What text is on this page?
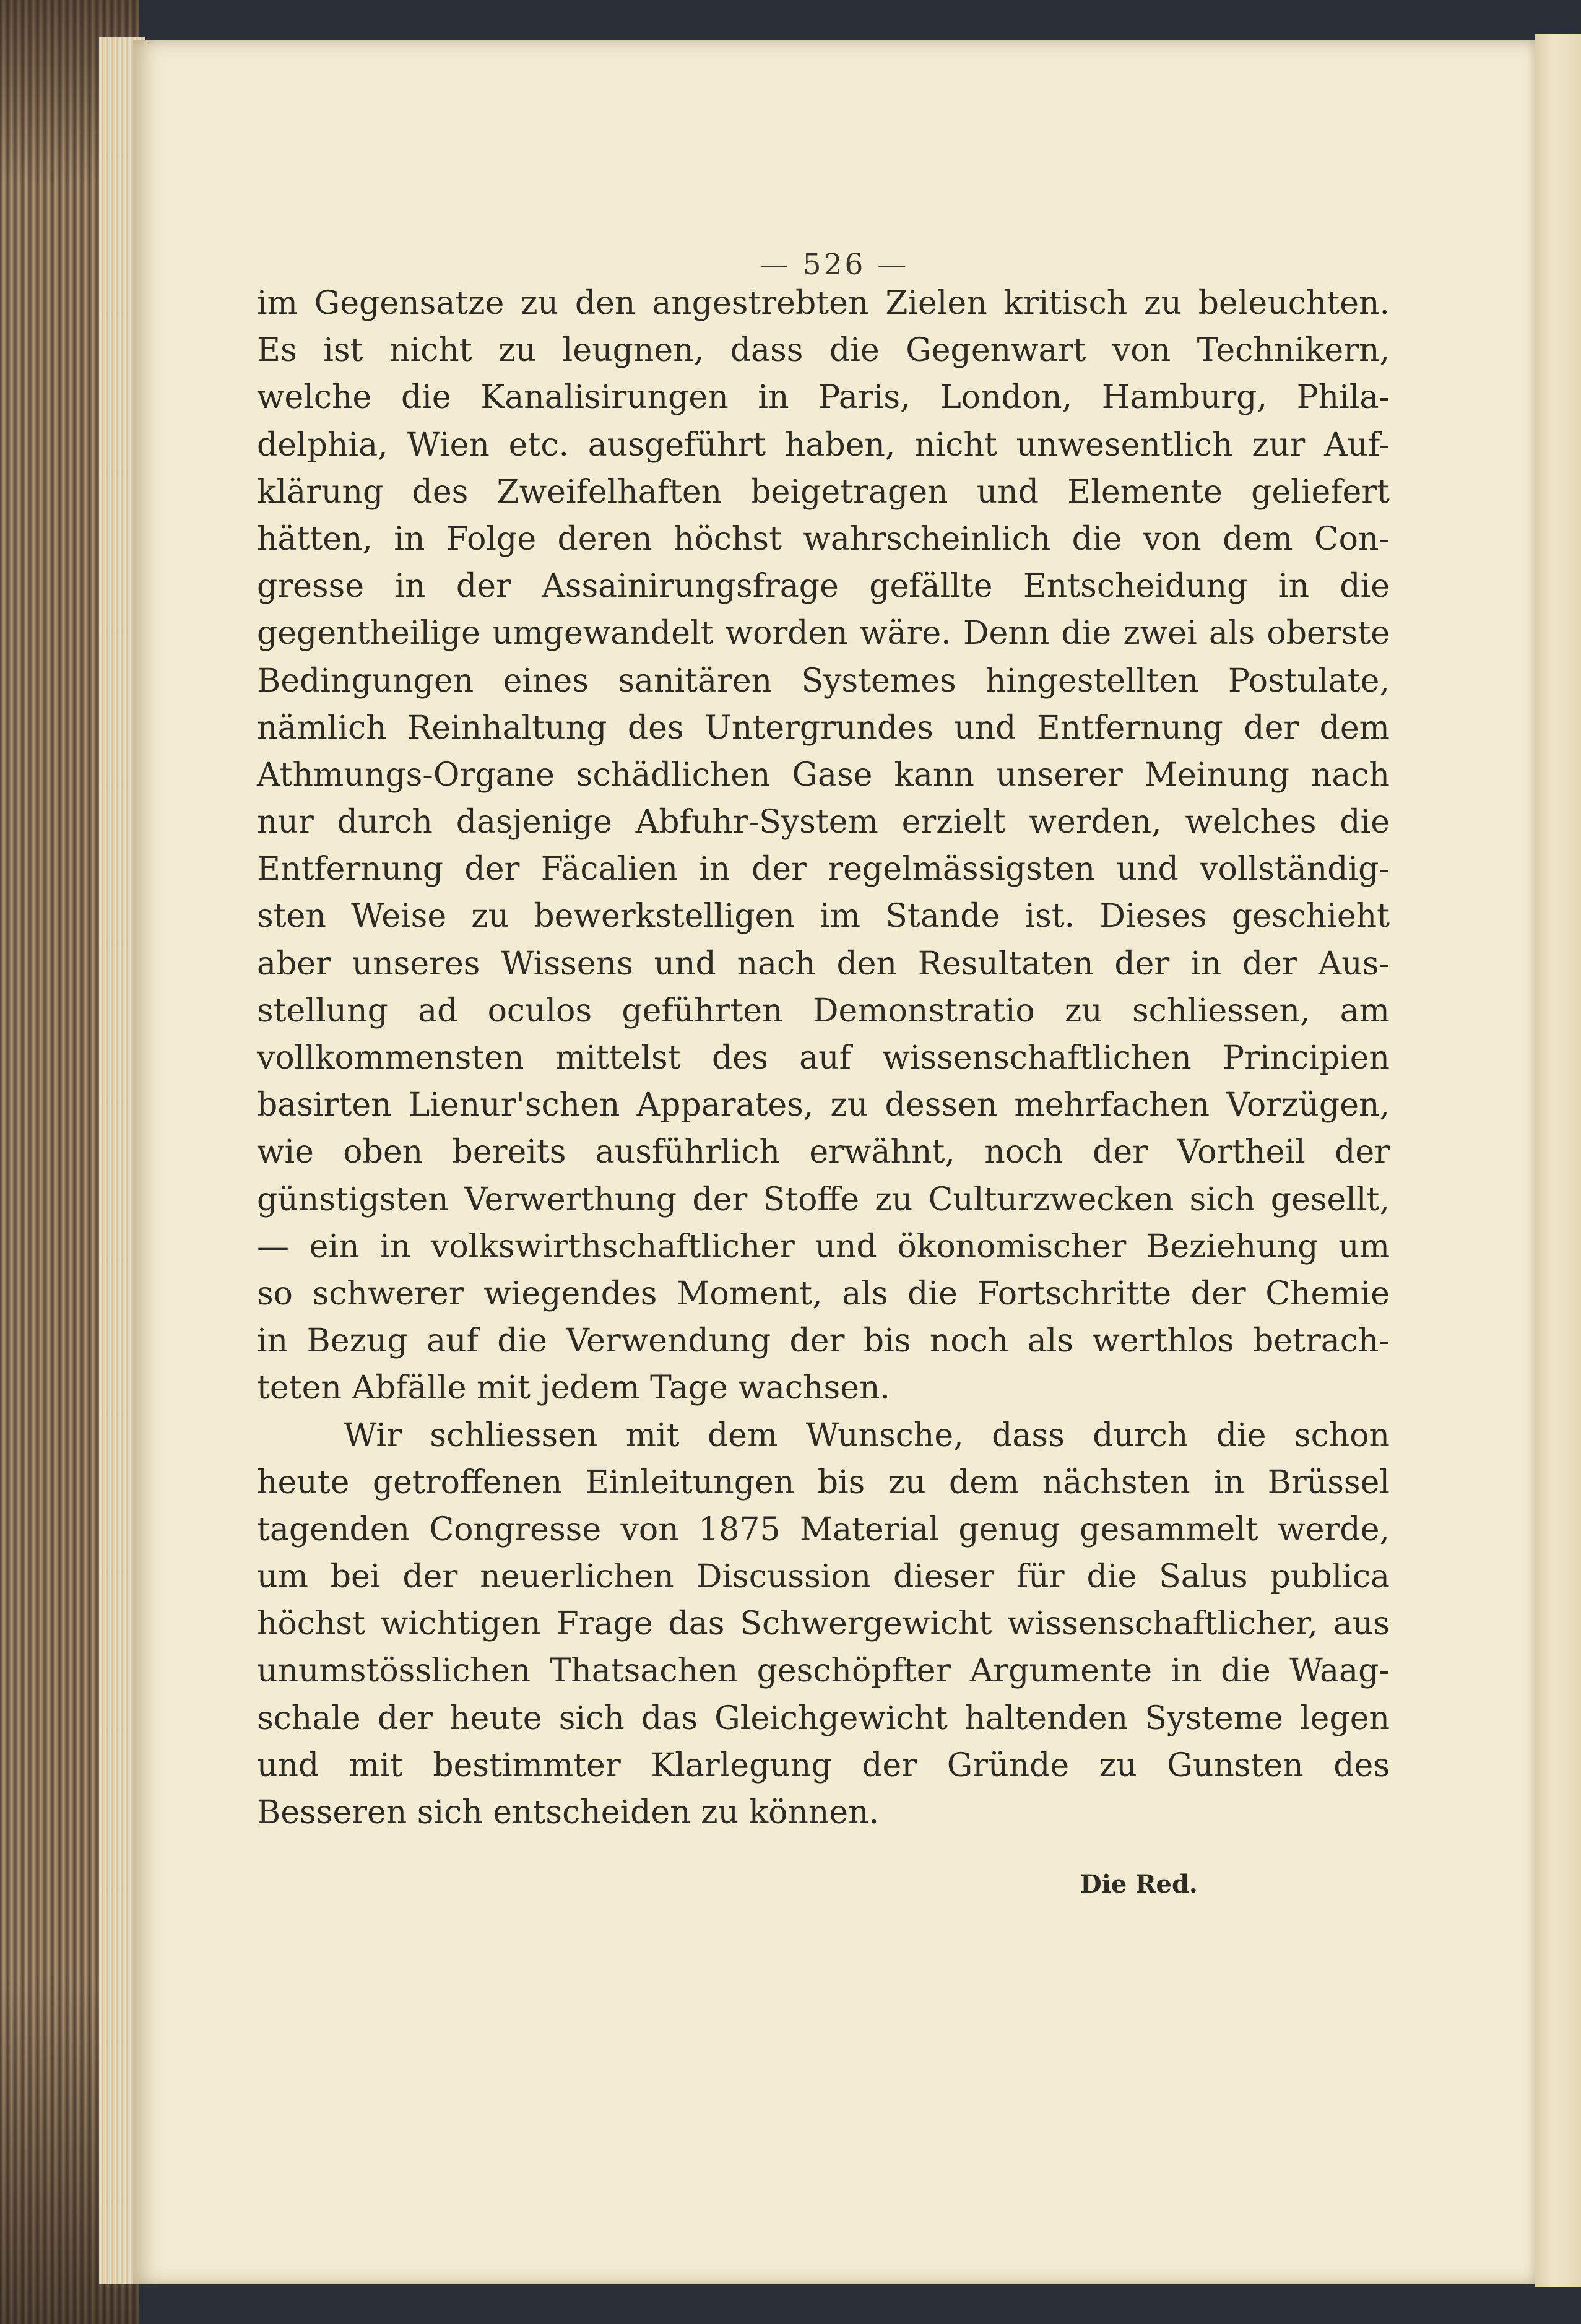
— 526 —
im Gegensatze zu den angestrebten Zielen kritisch zu beleuchten.
Es ist nicht zu leugnen, dass die Gegenwart von Technikern,
welche die Kanalisirungen in Paris, London, Hamburg, Phila-
delphia, Wien etc. ausgeführt haben, nicht unwesentlich zur Auf-
klärung des Zweifelhaften beigetragen und Elemente geliefert
hätten, in Folge deren höchst wahrscheinlich die von dem Con-
gresse in der Assainirungsfrage gefällte Entscheidung in die
gegentheilige umgewandelt worden wäre. Denn die zwei als oberste
Bedingungen eines sanitären Systemes hingestellten Postulate,
nämlich Reinhaltung des Untergrundes und Entfernung der dem
Athmungs-Organe schädlichen Gase kann unserer Meinung nach
nur durch dasjenige Abfuhr-System erzielt werden, welches die
Entfernung der Fäcalien in der regelmässigsten und vollständig-
sten Weise zu bewerkstelligen im Stande ist. Dieses geschieht
aber unseres Wissens und nach den Resultaten der in der Aus-
stellung ad oculos geführten Demonstratio zu schliessen, am
vollkommensten mittelst des auf wissenschaftlichen Principien
basirten Lienur'schen Apparates, zu dessen mehrfachen Vorzügen,
wie oben bereits ausführlich erwähnt, noch der Vortheil der
günstigsten Verwerthung der Stoffe zu Culturzwecken sich gesellt,
— ein in volkswirthschaftlicher und ökonomischer Beziehung um
so schwerer wiegendes Moment, als die Fortschritte der Chemie
in Bezug auf die Verwendung der bis noch als werthlos betrach-
teten Abfälle mit jedem Tage wachsen.
Wir schliessen mit dem Wunsche, dass durch die schon
heute getroffenen Einleitungen bis zu dem nächsten in Brüssel
tagenden Congresse von 1875 Material genug gesammelt werde,
um bei der neuerlichen Discussion dieser für die Salus publica
höchst wichtigen Frage das Schwergewicht wissenschaftlicher, aus
unumstösslichen Thatsachen geschöpfter Argumente in die Waag-
schale der heute sich das Gleichgewicht haltenden Systeme legen
und mit bestimmter Klarlegung der Gründe zu Gunsten des
Besseren sich entscheiden zu können.
Die Red.
